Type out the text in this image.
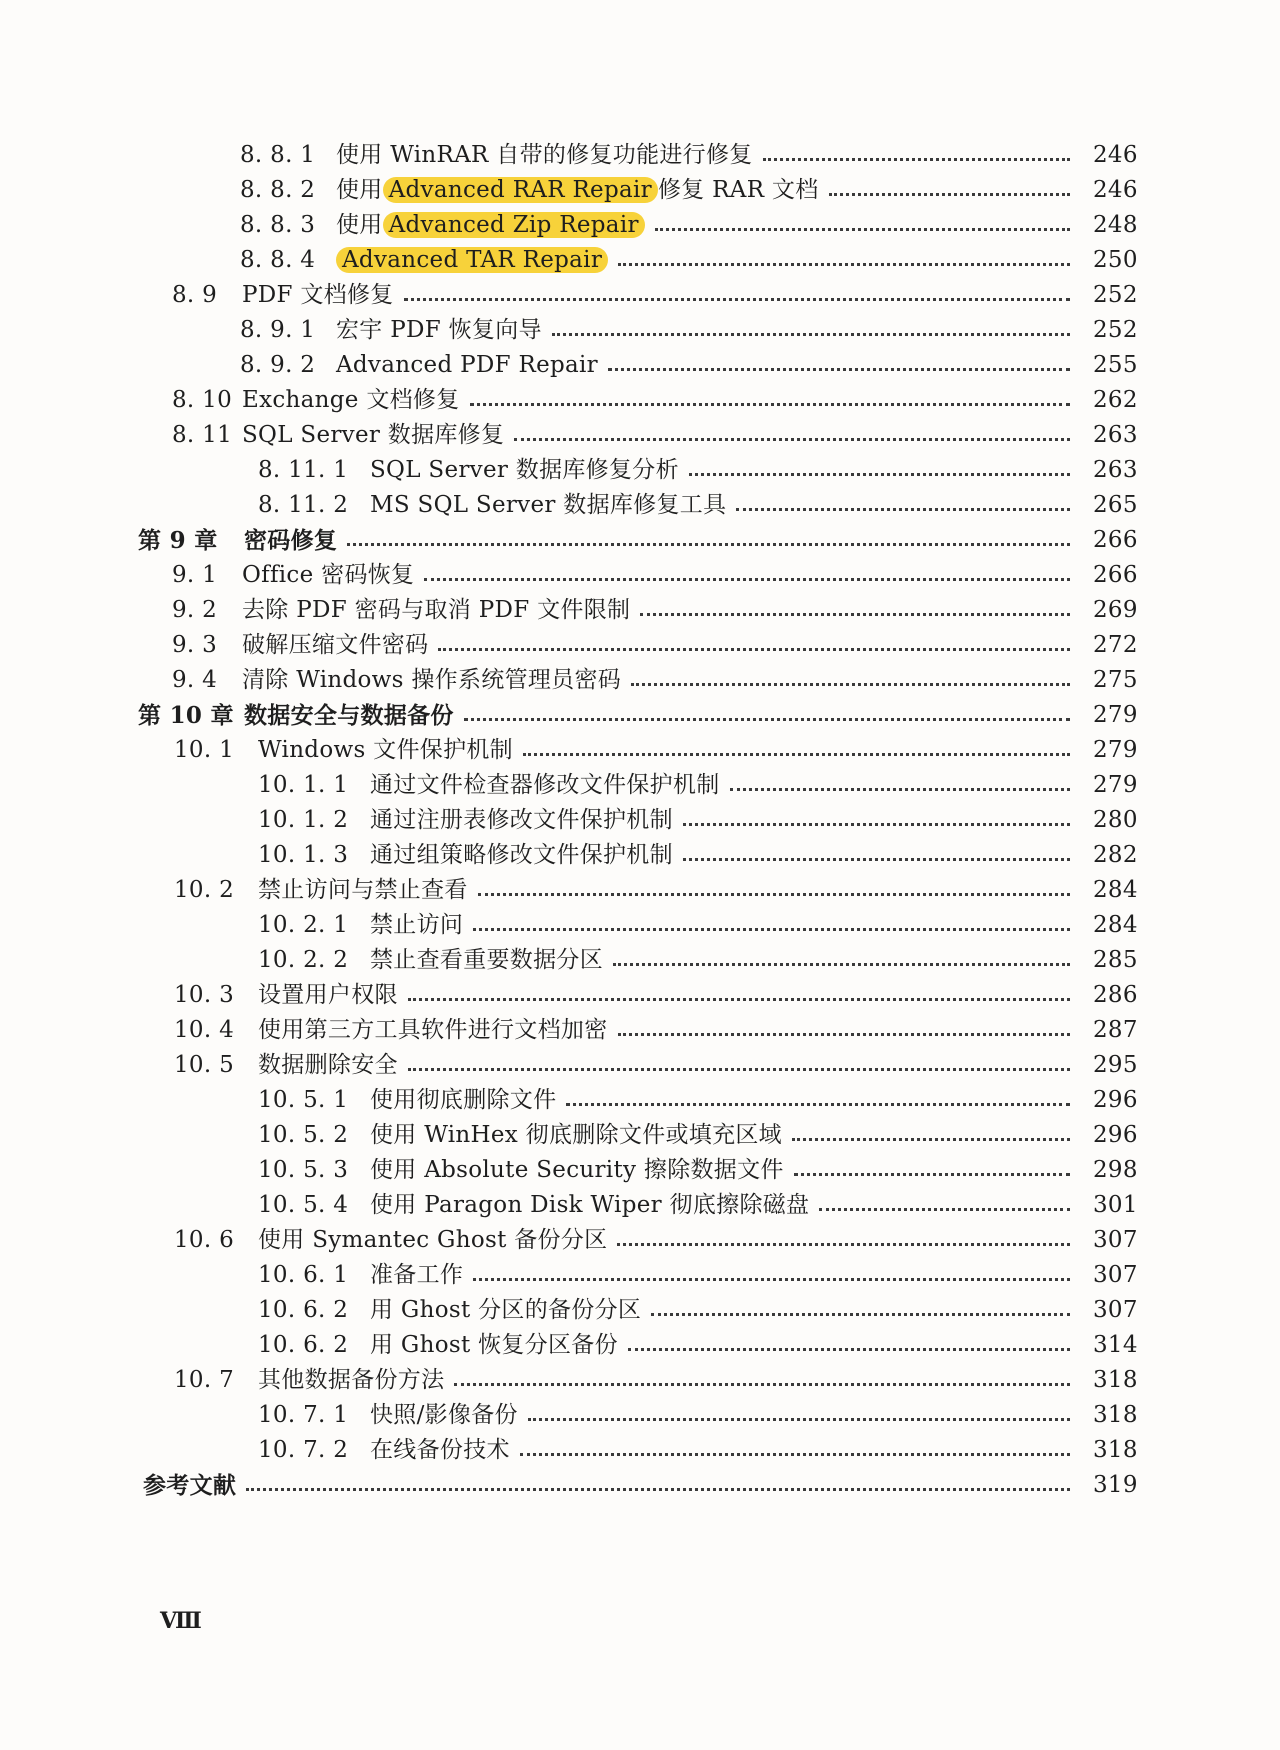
8. 8. 1 使用 WinRAR 自带的修复功能进行修复	246
8. 8. 2 使用 Advanced RAR Repair 修复 RAR 文档	246
8. 8. 3 使用 Advanced Zip Repair	248
8. 8. 4	Advanced TAR Repair	250
8. 9	PDF 文档修复	252
8. 9. 1 宏宇 PDF 恢复向导	252
8. 9. 2 Advanced PDF Repair	255
8. 10 Exchange 文档修复	262
8. 11 SQL Server 数据库修复	263
8. 11. 1 SQL Server 数据库修复分析	263
8. 11. 2 MS SQL Server 数据库修复工具	265
第 9 章	密码修复	266
9. 1	Office 密码恢复	266
9. 2	去除 PDF 密码与取消 PDF 文件限制	269
9. 3	破解压缩文件密码	272
9. 4	清除 Windows 操作系统管理员密码	275
第 10 章 数据安全与数据备份	279
10. 1	Windows 文件保护机制	279
10. 1. 1 通过文件检查器修改文件保护机制	279
10. 1. 2 通过注册表修改文件保护机制	280
10. 1. 3 通过组策略修改文件保护机制	282
10. 2	禁止访问与禁止查看	284
10. 2. 1 禁止访问	284
10. 2. 2 禁止查看重要数据分区	285
10. 3	设置用户权限	286
10. 4	使用第三方工具软件进行文档加密	287
10. 5	数据删除安全	295
10. 5. 1 使用彻底删除文件	296
10. 5. 2 使用 WinHex 彻底删除文件或填充区域	296
10. 5. 3 使用 Absolute Security 擦除数据文件	298
10. 5. 4 使用 Paragon Disk Wiper 彻底擦除磁盘	301
10. 6	使用 Symantec Ghost 备份分区	307
10. 6. 1 准备工作	307
10. 6. 2 用 Ghost 分区的备份分区	307
10. 6. 2 用 Ghost 恢复分区备份	314
10. 7	其他数据备份方法	318
10. 7. 1 快照/影像备份	318
10. 7. 2 在线备份技术	318
参考文献	319
Ⅷ
